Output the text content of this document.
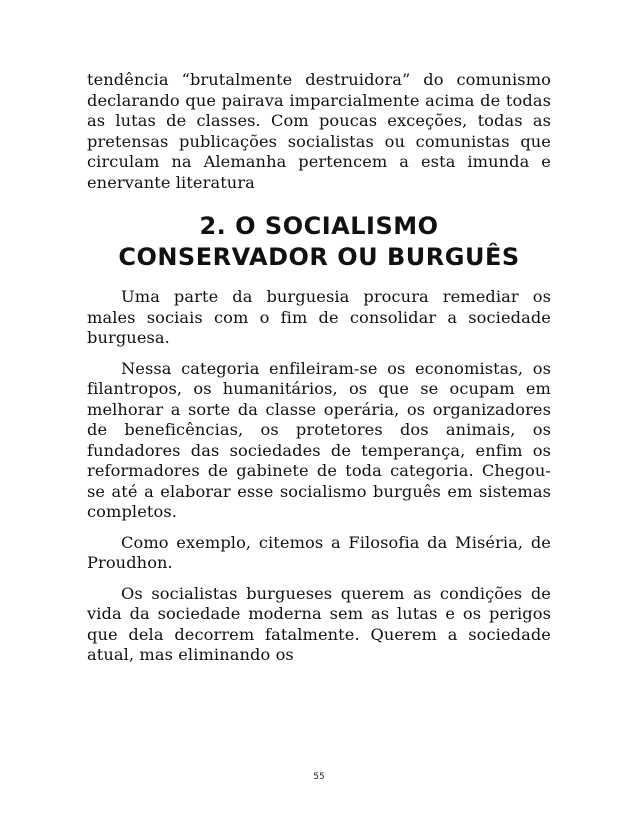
tendência “brutalmente destruidora” do comunismo declarando que pairava imparcialmente acima de todas as lutas de classes. Com poucas exceções, todas as pretensas publicações socialistas ou comunistas que circulam na Alemanha pertencem a esta imunda e enervante literatura

2. O SOCIALISMO
CONSERVADOR OU BURGUÊS

Uma parte da burguesia procura remediar os males sociais com o fim de consolidar a sociedade burguesa.

Nessa categoria enfileiram-se os economistas, os filantropos, os humanitários, os que se ocupam em melhorar a sorte da classe operária, os organizadores de beneficências, os protetores dos animais, os fundadores das sociedades de temperança, enfim os reformadores de gabinete de toda categoria. Chegou-se até a elaborar esse socialismo burguês em sistemas completos.

Como exemplo, citemos a Filosofia da Miséria, de Proudhon.

Os socialistas burgueses querem as condições de vida da sociedade moderna sem as lutas e os perigos que dela decorrem fatalmente. Querem a sociedade atual, mas eliminando os

55
